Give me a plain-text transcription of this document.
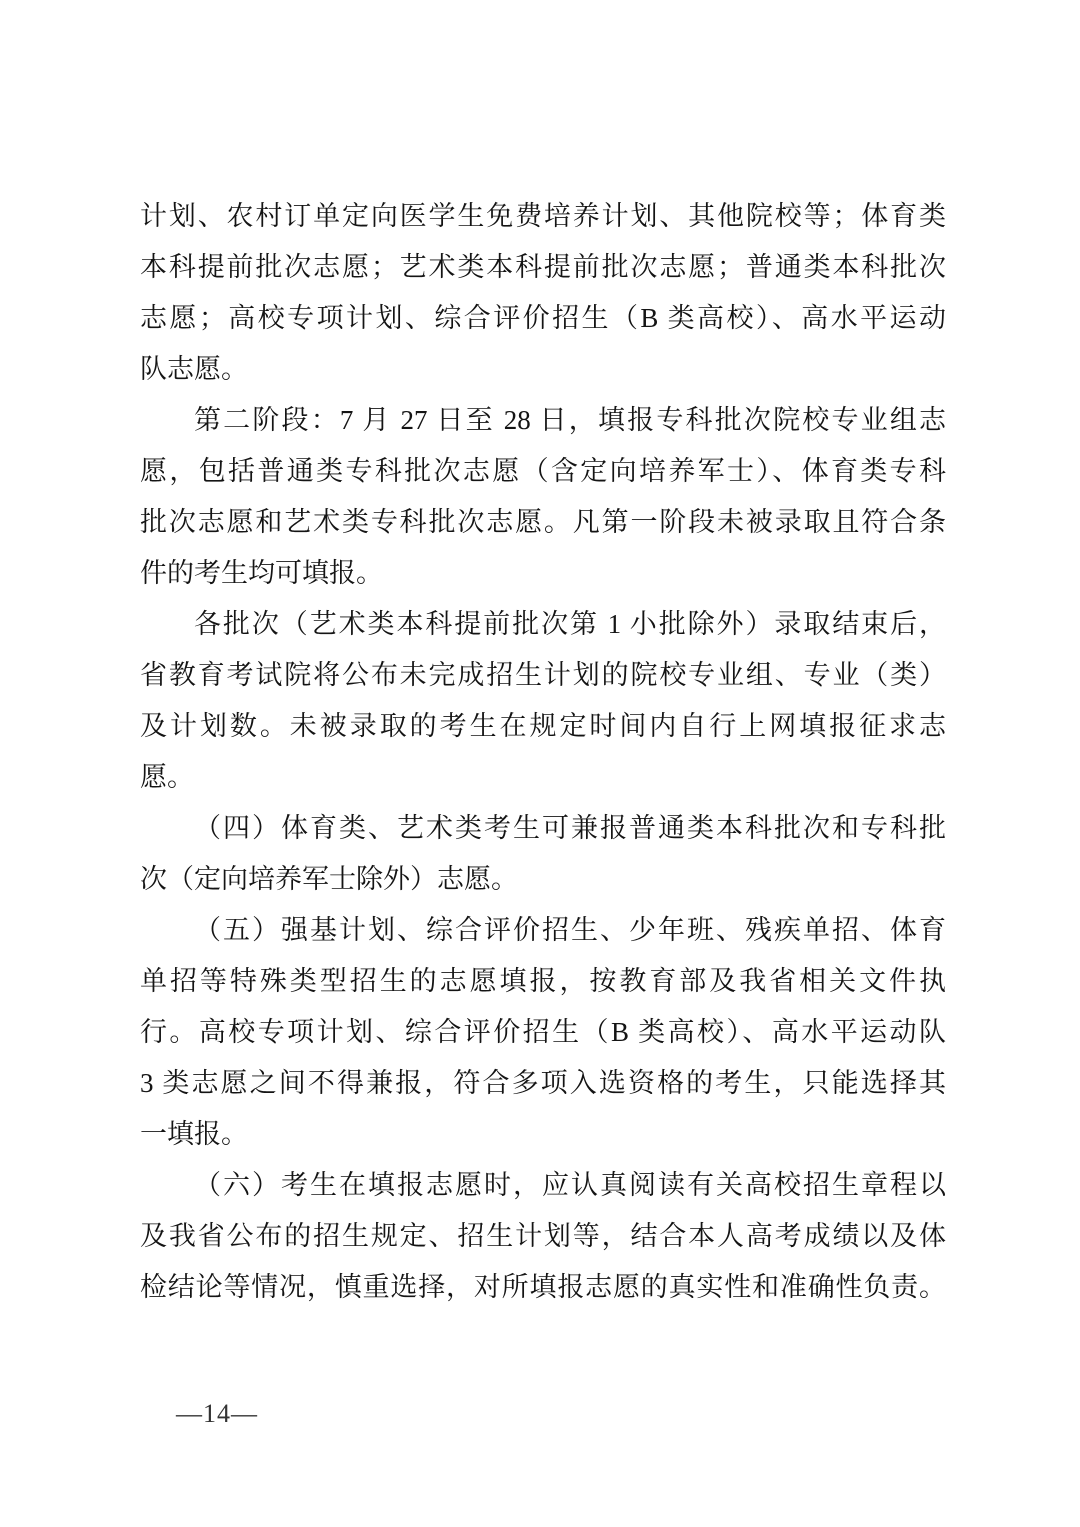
计划、农村订单定向医学生免费培养计划、其他院校等；体育类
本科提前批次志愿；艺术类本科提前批次志愿；普通类本科批次
志愿；高校专项计划、综合评价招生（B 类高校）、高水平运动
队志愿。
第二阶段：7 月 27 日至 28 日，填报专科批次院校专业组志
愿，包括普通类专科批次志愿（含定向培养军士）、体育类专科
批次志愿和艺术类专科批次志愿。凡第一阶段未被录取且符合条
件的考生均可填报。
各批次（艺术类本科提前批次第 1 小批除外）录取结束后，
省教育考试院将公布未完成招生计划的院校专业组、专业（类）
及计划数。未被录取的考生在规定时间内自行上网填报征求志
愿。
（四）体育类、艺术类考生可兼报普通类本科批次和专科批
次（定向培养军士除外）志愿。
（五）强基计划、综合评价招生、少年班、残疾单招、体育
单招等特殊类型招生的志愿填报，按教育部及我省相关文件执
行。高校专项计划、综合评价招生（B 类高校）、高水平运动队
3 类志愿之间不得兼报，符合多项入选资格的考生，只能选择其
一填报。
（六）考生在填报志愿时，应认真阅读有关高校招生章程以
及我省公布的招生规定、招生计划等，结合本人高考成绩以及体
检结论等情况，慎重选择，对所填报志愿的真实性和准确性负责。
—14—
